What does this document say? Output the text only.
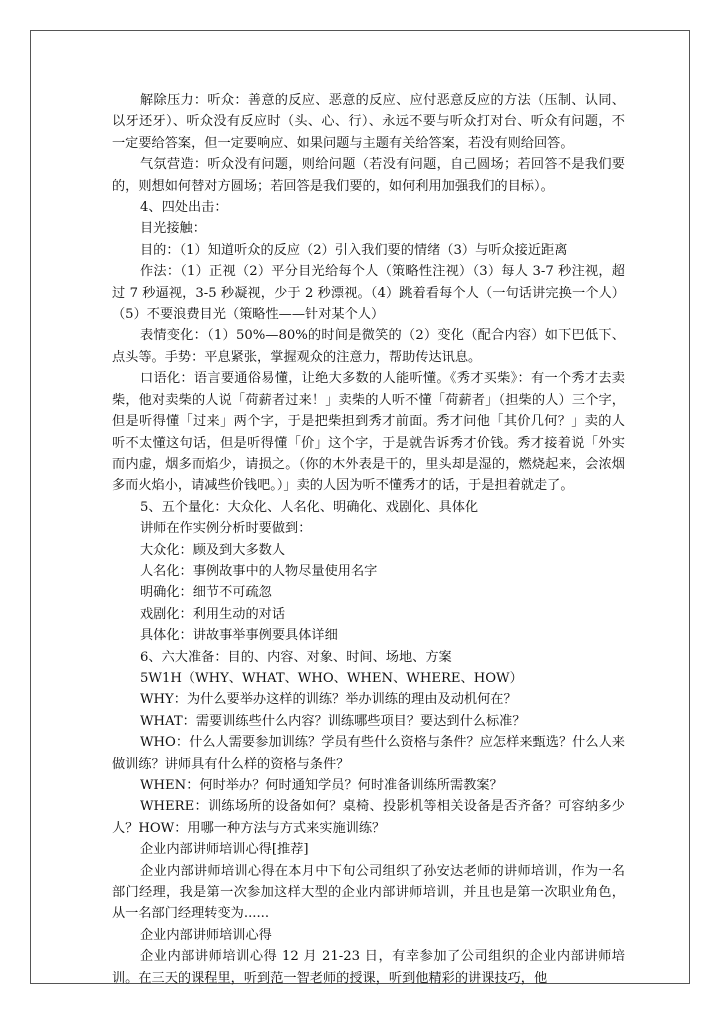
解除压力：听众：善意的反应、恶意的反应、应付恶意反应的方法（压制、认同、以牙还牙）、听众没有反应时（头、心、行）、永远不要与听众打对台、听众有问题，不一定要给答案，但一定要响应、如果问题与主题有关给答案，若没有则给回答。

气氛营造：听众没有问题，则给问题（若没有问题，自己圆场；若回答不是我们要的，则想如何替对方圆场；若回答是我们要的，如何利用加强我们的目标）。

4、四处出击：

目光接触：

目的：（1）知道听众的反应（2）引入我们要的情绪（3）与听众接近距离

作法：（1）正视（2）平分目光给每个人（策略性注视）（3）每人 3-7 秒注视，超过 7 秒逼视，3-5 秒凝视，少于 2 秒漂视。（4）跳着看每个人（一句话讲完换一个人）（5）不要浪费目光（策略性——针对某个人）

表情变化：（1）50%—80%的时间是微笑的（2）变化（配合内容）如下巴低下、点头等。手势：平息紧张，掌握观众的注意力，帮助传达讯息。

口语化：语言要通俗易懂，让绝大多数的人能听懂。《秀才买柴》：有一个秀才去卖柴，他对卖柴的人说「荷薪者过来！」卖柴的人听不懂「荷薪者」（担柴的人）三个字，但是听得懂「过来」两个字，于是把柴担到秀才前面。秀才问他「其价几何？」卖的人听不太懂这句话，但是听得懂「价」这个字，于是就告诉秀才价钱。秀才接着说「外实而内虚，烟多而焰少，请损之。（你的木外表是干的，里头却是湿的，燃烧起来，会浓烟多而火焰小，请减些价钱吧。）」卖的人因为听不懂秀才的话，于是担着就走了。

5、五个量化：大众化、人名化、明确化、戏剧化、具体化

讲师在作实例分析时要做到：

大众化：顾及到大多数人

人名化：事例故事中的人物尽量使用名字

明确化：细节不可疏忽

戏剧化：利用生动的对话

具体化：讲故事举事例要具体详细

6、六大准备：目的、内容、对象、时间、场地、方案

5W1H（WHY、WHAT、WHO、WHEN、WHERE、HOW）

WHY：为什么要举办这样的训练？举办训练的理由及动机何在？

WHAT：需要训练些什么内容？训练哪些项目？要达到什么标准？

WHO：什么人需要参加训练？学员有些什么资格与条件？应怎样来甄选？什么人来做训练？讲师具有什么样的资格与条件？

WHEN：何时举办？何时通知学员？何时准备训练所需教案？

WHERE：训练场所的设备如何？桌椅、投影机等相关设备是否齐备？可容纳多少人？HOW：用哪一种方法与方式来实施训练？

企业内部讲师培训心得[推荐]

企业内部讲师培训心得在本月中下旬公司组织了孙安达老师的讲师培训，作为一名部门经理，我是第一次参加这样大型的企业内部讲师培训，并且也是第一次职业角色，从一名部门经理转变为......

企业内部讲师培训心得

企业内部讲师培训心得 12 月 21-23 日，有幸参加了公司组织的企业内部讲师培训。在三天的课程里，听到范一智老师的授课，听到他精彩的讲课技巧，他
